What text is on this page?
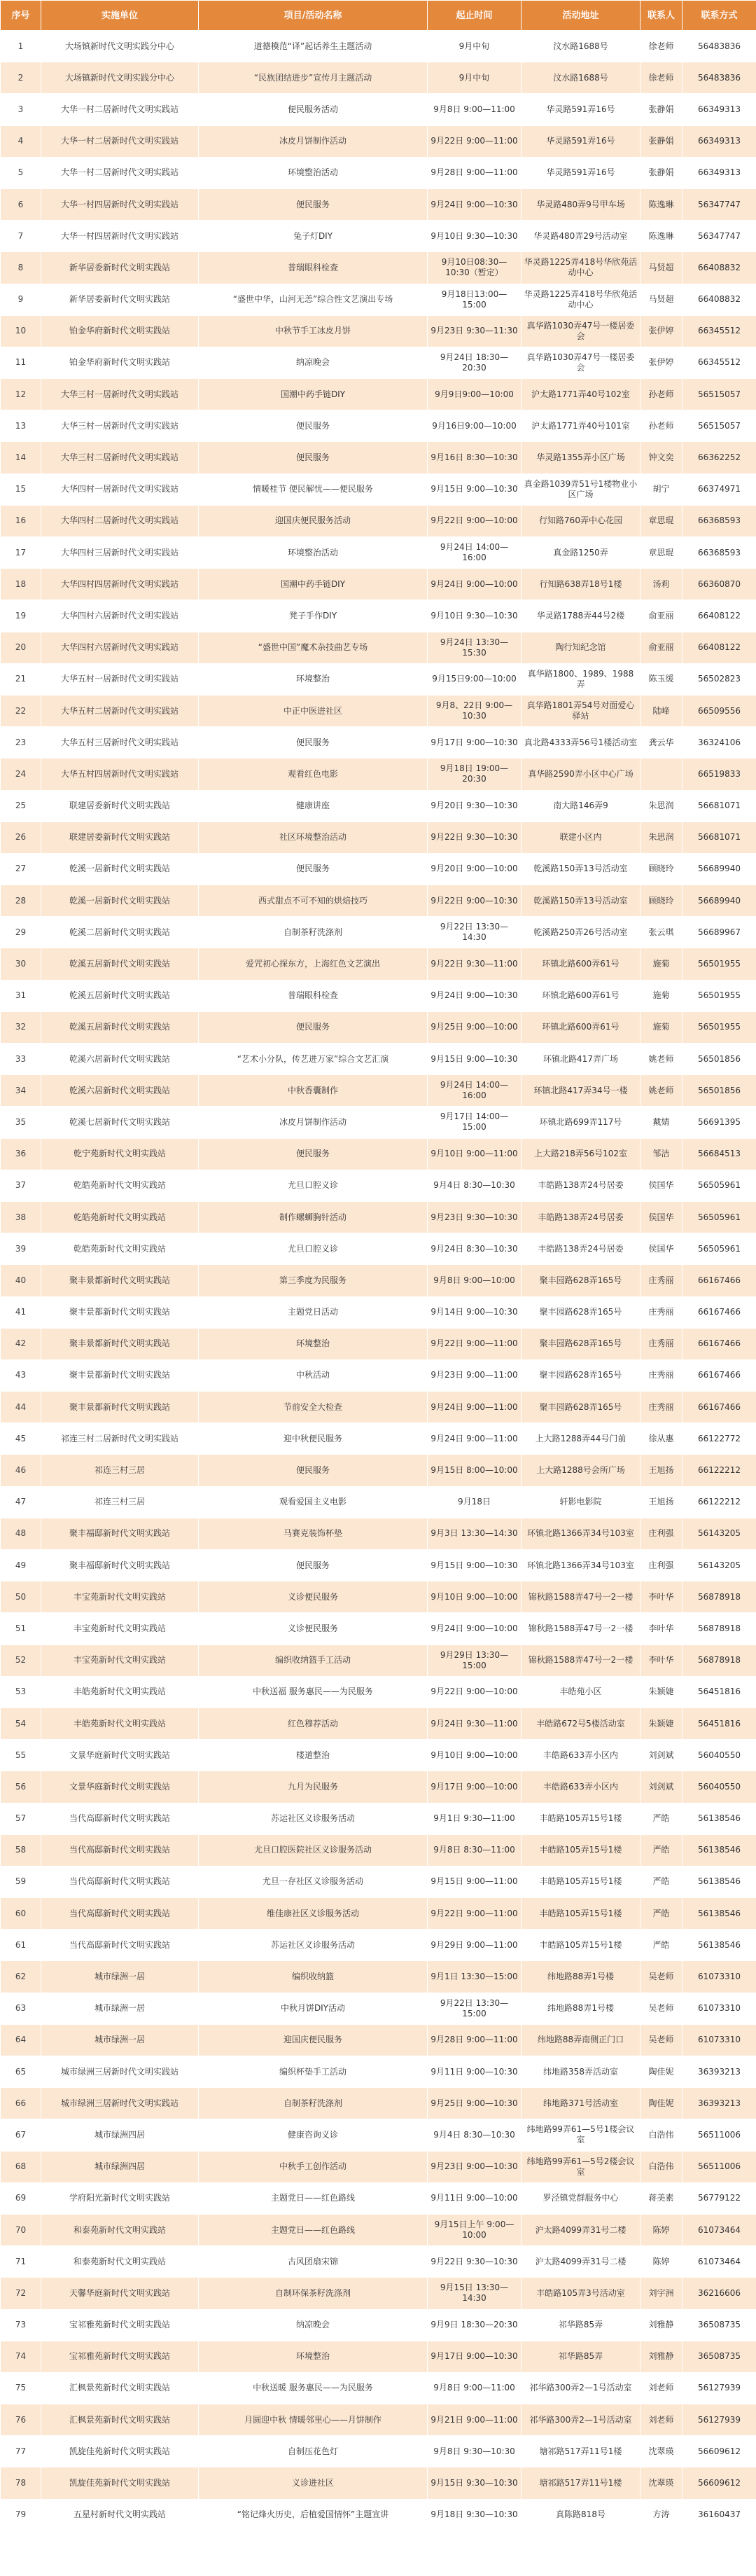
序号	实施单位	项目/活动名称	起止时间	活动地址	联系人	联系方式
1	大场镇新时代文明实践分中心	道德模范“译”起话养生主题活动	9月中旬	汶水路1688号	徐老师	56483836
2	大场镇新时代文明实践分中心	“民族团结进步”宣传月主题活动	9月中旬	汶水路1688号	徐老师	56483836
3	大华一村二居新时代文明实践站	便民服务活动	9月8日 9:00—11:00	华灵路591弄16号	张静娟	66349313
4	大华一村二居新时代文明实践站	冰皮月饼制作活动	9月22日 9:00—11:00	华灵路591弄16号	张静娟	66349313
5	大华一村二居新时代文明实践站	环境整治活动	9月28日 9:00—11:00	华灵路591弄16号	张静娟	66349313
6	大华一村四居新时代文明实践站	便民服务	9月24日 9:00—10:30	华灵路480弄9号甲车场	陈逸琳	56347747
7	大华一村四居新时代文明实践站	兔子灯DIY	9月10日 9:30—10:30	华灵路480弄29号活动室	陈逸琳	56347747
8	新华居委新时代文明实践站	普瑞眼科检查	9月10日08:30—10:30（暂定）	华灵路1225弄418号华欣苑活动中心	马贤超	66408832
9	新华居委新时代文明实践站	“盛世中华，山河无恙”综合性文艺演出专场	9月18日13:00—15:00	华灵路1225弄418号华欣苑活动中心	马贤超	66408832
10	铂金华府新时代文明实践站	中秋节手工冰皮月饼	9月23日 9:30—11:30	真华路1030弄47号一楼居委会	张伊婷	66345512
11	铂金华府新时代文明实践站	纳凉晚会	9月24日 18:30—20:30	真华路1030弄47号一楼居委会	张伊婷	66345512
12	大华三村一居新时代文明实践站	国潮中药手链DIY	9月9日9:00—10:00	沪太路1771弄40号102室	孙老师	56515057
13	大华三村一居新时代文明实践站	便民服务	9月16日9:00—10:00	沪太路1771弄40号101室	孙老师	56515057
14	大华三村二居新时代文明实践站	便民服务	9月16日 8:30—10:30	华灵路1355弄小区广场	钟文奕	66362252
15	大华四村一居新时代文明实践站	情暖桂节 便民解忧——便民服务	9月15日 9:00—10:30	真金路1039弄51号1楼物业小区广场	胡宁	66374971
16	大华四村二居新时代文明实践站	迎国庆便民服务活动	9月22日 9:00—10:00	行知路760弄中心花园	章思琨	66368593
17	大华四村三居新时代文明实践站	环境整治活动	9月24日 14:00—16:00	真金路1250弄	章思琨	66368593
18	大华四村四居新时代文明实践站	国潮中药手链DIY	9月24日 9:00—10:00	行知路638弄18号1楼	汤莉	66360870
19	大华四村六居新时代文明实践站	凳子手作DIY	9月10日 9:30—10:30	华灵路1788弄44号2楼	俞亚丽	66408122
20	大华四村六居新时代文明实践站	“盛世中国”魔术杂技曲艺专场	9月24日 13:30—15:30	陶行知纪念馆	俞亚丽	66408122
21	大华五村一居新时代文明实践站	环境整治	9月15日9:00—10:00	真华路1800、1989、1988弄	陈玉缓	56502823
22	大华五村二居新时代文明实践站	中正中医进社区	9月8、22日 9:00—10:30	真华路1801弄54号对面爱心驿站	陆峰	66509556
23	大华五村三居新时代文明实践站	便民服务	9月17日 9:00—10:30	真北路4333弄56号1楼活动室	龚云华	36324106
24	大华五村四居新时代文明实践站	观看红色电影	9月18日 19:00—20:30	真华路2590弄小区中心广场		66519833
25	联建居委新时代文明实践站	健康讲座	9月20日 9:30—10:30	南大路146弄9	朱思润	56681071
26	联建居委新时代文明实践站	社区环境整治活动	9月22日 9:30—10:30	联建小区内	朱思润	56681071
27	乾溪一居新时代文明实践站	便民服务	9月20日 9:00—10:00	乾溪路150弄13号活动室	顾晓玲	56689940
28	乾溪一居新时代文明实践站	西式甜点不可不知的烘焙技巧	9月22日 9:00—10:30	乾溪路150弄13号活动室	顾晓玲	56689940
29	乾溪二居新时代文明实践站	自制茶籽洗涤剂	9月22日 13:30—14:30	乾溪路250弄26号活动室	张云琪	56689967
30	乾溪五居新时代文明实践站	爱咒初心探东方，上海红色文艺演出	9月22日 9:30—11:00	环镇北路600弄61号	施菊	56501955
31	乾溪五居新时代文明实践站	普瑞眼科检查	9月24日 9:00—10:30	环镇北路600弄61号	施菊	56501955
32	乾溪五居新时代文明实践站	便民服务	9月25日 9:00—10:00	环镇北路600弄61号	施菊	56501955
33	乾溪六居新时代文明实践站	“艺术小分队，传艺进万家”综合文艺汇演	9月15日 9:00—10:30	环镇北路417弄广场	姚老师	56501856
34	乾溪六居新时代文明实践站	中秋香囊制作	9月24日 14:00—16:00	环镇北路417弄34号一楼	姚老师	56501856
35	乾溪七居新时代文明实践站	冰皮月饼制作活动	9月17日 14:00—15:00	环镇北路699弄117号	戴婧	56691395
36	乾宁苑新时代文明实践站	便民服务	9月10日 9:00—11:00	上大路218弄56号102室	邹洁	56684513
37	乾皓苑新时代文明实践站	尤旦口腔义诊	9月4日 8:30—10:30	丰皓路138弄24号居委	侯国华	56505961
38	乾皓苑新时代文明实践站	制作螺蛳胸针活动	9月23日 9:30—10:30	丰皓路138弄24号居委	侯国华	56505961
39	乾皓苑新时代文明实践站	尤旦口腔义诊	9月24日 8:30—10:30	丰皓路138弄24号居委	侯国华	56505961
40	聚丰景都新时代文明实践站	第三季度为民服务	9月8日 9:00—10:00	聚丰园路628弄165号	庄秀丽	66167466
41	聚丰景都新时代文明实践站	主题党日活动	9月14日 9:00—10:30	聚丰园路628弄165号	庄秀丽	66167466
42	聚丰景都新时代文明实践站	环境整治	9月22日 9:00—11:00	聚丰园路628弄165号	庄秀丽	66167466
43	聚丰景都新时代文明实践站	中秋活动	9月23日 9:00—11:00	聚丰园路628弄165号	庄秀丽	66167466
44	聚丰景都新时代文明实践站	节前安全大检查	9月24日 9:00—11:00	聚丰园路628弄165号	庄秀丽	66167466
45	祁连三村二居新时代文明实践站	迎中秋便民服务	9月24日 9:00—11:00	上大路1288弄44号门前	徐从惠	66122772
46	祁连三村三居	便民服务	9月15日 8:00—10:00	上大路1288号会所广场	王旭扬	66122212
47	祁连三村三居	观看爱国主义电影	9月18日	轩影电影院	王旭扬	66122212
48	聚丰福邸新时代文明实践站	马赛克装饰杯垫	9月3日 13:30—14:30	环镇北路1366弄34号103室	庄利强	56143205
49	聚丰福邸新时代文明实践站	便民服务	9月15日 9:00—10:30	环镇北路1366弄34号103室	庄利强	56143205
50	丰宝苑新时代文明实践站	义诊便民服务	9月10日 9:00—10:00	锦秋路1588弄47号一2一楼	李叶华	56878918
51	丰宝苑新时代文明实践站	义诊便民服务	9月24日 9:00—10:00	锦秋路1588弄47号一2一楼	李叶华	56878918
52	丰宝苑新时代文明实践站	编织收纳篮手工活动	9月29日 13:30—15:00	锦秋路1588弄47号一2一楼	李叶华	56878918
53	丰皓苑新时代文明实践站	中秋送福 服务惠民——为民服务	9月22日 9:00—10:00	丰皓苑小区	朱颖婕	56451816
54	丰皓苑新时代文明实践站	红色穆荐活动	9月24日 9:30—11:00	丰皓路672号5楼活动室	朱颖婕	56451816
55	文景华庭新时代文明实践站	楼道整治	9月10日 9:00—10:00	丰皓路633弄小区内	刘剑斌	56040550
56	文景华庭新时代文明实践站	九月为民服务	9月17日 9:00—10:00	丰皓路633弄小区内	刘剑斌	56040550
57	当代高邸新时代文明实践站	苏运社区义诊服务活动	9月1日 9:30—11:00	丰皓路105弄15号1楼	严皓	56138546
58	当代高邸新时代文明实践站	尤旦口腔医院社区义诊服务活动	9月8日 8:30—11:00	丰皓路105弄15号1楼	严皓	56138546
59	当代高邸新时代文明实践站	尤旦一存社区义诊服务活动	9月15日 9:00—11:00	丰皓路105弄15号1楼	严皓	56138546
60	当代高邸新时代文明实践站	维佳康社区义诊服务活动	9月22日 9:00—11:00	丰皓路105弄15号1楼	严皓	56138546
61	当代高邸新时代文明实践站	苏运社区义诊服务活动	9月29日 9:00—11:00	丰皓路105弄15号1楼	严皓	56138546
62	城市绿洲一居	编织收纳篮	9月1日 13:30—15:00	纬地路88弄1号楼	吴老师	61073310
63	城市绿洲一居	中秋月饼DIY活动	9月22日 13:30—15:00	纬地路88弄1号楼	吴老师	61073310
64	城市绿洲一居	迎国庆便民服务	9月28日 9:00—11:00	纬地路88弄南侧正门口	吴老师	61073310
65	城市绿洲三居新时代文明实践站	编织杯垫手工活动	9月11日 9:00—10:30	纬地路358弄活动室	陶佳妮	36393213
66	城市绿洲三居新时代文明实践站	自制茶籽洗涤剂	9月25日 9:00—10:30	纬地路371号活动室	陶佳妮	36393213
67	城市绿洲四居	健康咨询义诊	9月4日 8:30—10:30	纬地路99弄61—5号1楼会议室	白浩伟	56511006
68	城市绿洲四居	中秋手工创作活动	9月23日 9:00—10:30	纬地路99弄61—5号2楼会议室	白浩伟	56511006
69	学府阳光新时代文明实践站	主题党日——红色路线	9月11日 9:00—10:00	罗泾镇党群服务中心	蒋美素	56779122
70	和泰苑新时代文明实践站	主题党日——红色路线	9月15日上午 9:00—10:00	沪太路4099弄31号二楼	陈婷	61073464
71	和泰苑新时代文明实践站	古风团扇宋锦	9月22日 9:30—10:30	沪太路4099弄31号二楼	陈婷	61073464
72	天馨华庭新时代文明实践站	自制环保茶籽洗涤剂	9月15日 13:30—14:30	丰皓路105弄3号活动室	刘宇洲	36216606
73	宝祁雅苑新时代文明实践站	纳凉晚会	9月9日 18:30—20:30	祁华路85弄	刘雅静	36508735
74	宝祁雅苑新时代文明实践站	环境整治	9月17日 9:00—10:30	祁华路85弄	刘雅静	36508735
75	汇枫景苑新时代文明实践站	中秋送暖 服务惠民——为民服务	9月8日 9:00—11:00	祁华路300弄2—1号活动室	刘老师	56127939
76	汇枫景苑新时代文明实践站	月圆迎中秋 情暖邻里心——月饼制作	9月21日 9:00—11:00	祁华路300弄2—1号活动室	刘老师	56127939
77	凯旋佳苑新时代文明实践站	自制压花色灯	9月8日 9:30—10:30	塘祁路517弄11号1楼	沈翠瑛	56609612
78	凯旋佳苑新时代文明实践站	义诊进社区	9月15日 9:30—10:30	塘祁路517弄11号1楼	沈翠瑛	56609612
79	五星村新时代文明实践站	“铭记烽火历史，后植爱国情怀”主题宣讲	9月18日 9:30—10:30	真陈路818号	方涛	36160437
